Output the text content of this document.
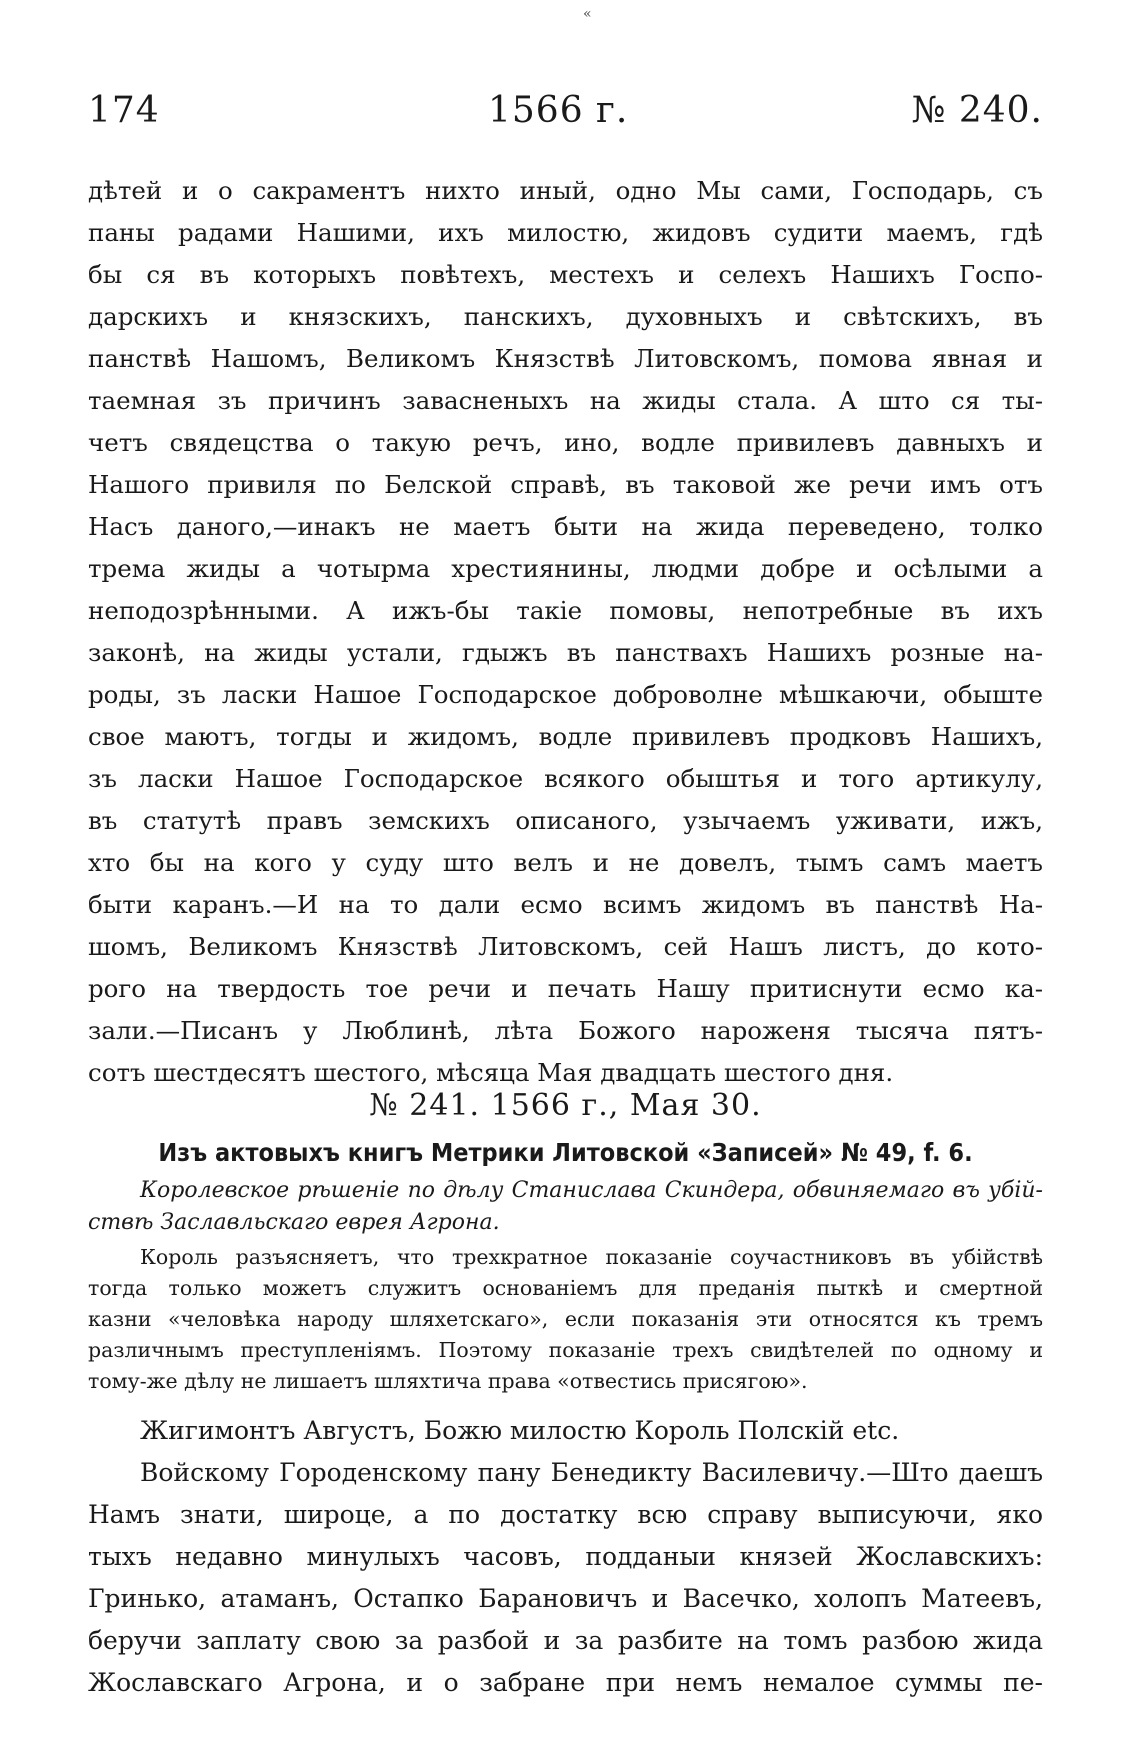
«
174	1566 г.	№ 240.
дѣтей и о сакраментъ нихто иный, одно Мы сами, Господарь, съ
паны радами Нашими, ихъ милостю, жидовъ судити маемъ, гдѣ
бы ся въ которыхъ повѣтехъ, местехъ и селехъ Нашихъ Госпо-
дарскихъ и князскихъ, панскихъ, духовныхъ и свѣтскихъ, въ
панствѣ Нашомъ, Великомъ Князствѣ Литовскомъ, помова явная и
таемная зъ причинъ завасненыхъ на жиды стала. А што ся ты-
четъ свядецства о такую речъ, ино, водле привилевъ давныхъ и
Нашого привиля по Белской справѣ, въ таковой же речи имъ отъ
Насъ даного,—инакъ не маетъ быти на жида переведено, толко
трема жиды а чотырма хрестиянины, людми добре и осѣлыми а
неподозрѣнными. А ижъ-бы такіе помовы, непотребные въ ихъ
законѣ, на жиды устали, гдыжъ въ панствахъ Нашихъ розные на-
роды, зъ ласки Нашое Господарское доброволне мѣшкаючи, обыште
свое маютъ, тогды и жидомъ, водле привилевъ продковъ Нашихъ,
зъ ласки Нашое Господарское всякого обыштья и того артикулу,
въ статутѣ правъ земскихъ описаного, узычаемъ уживати, ижъ,
хто бы на кого у суду што велъ и не довелъ, тымъ самъ маетъ
быти каранъ.—И на то дали есмо всимъ жидомъ въ панствѣ На-
шомъ, Великомъ Князствѣ Литовскомъ, сей Нашъ листъ, до кото-
рого на твердость тое речи и печать Нашу притиснути есмо ка-
зали.—Писанъ у Люблинѣ, лѣта Божого нароженя тысяча пятъ-
сотъ шестдесятъ шестого, мѣсяца Мая двадцать шестого дня.
№ 241. 1566 г., Мая 30.
Изъ актовыхъ книгъ Метрики Литовской «Записей» № 49, f. 6.
Королевское рѣшеніе по дѣлу Станислава Скиндера, обвиняемаго въ убій-
ствѣ Заславльскаго еврея Агрона.
Король разъясняетъ, что трехкратное показаніе соучастниковъ въ убійствѣ
тогда только можетъ служитъ основаніемъ для преданія пыткѣ и смертной
казни «человѣка народу шляхетскаго», если показанія эти относятся къ тремъ
различнымъ преступленіямъ. Поэтому показаніе трехъ свидѣтелей по одному и
тому-же дѣлу не лишаетъ шляхтича права «отвестись присягою».
Жигимонтъ Августъ, Божю милостю Король Полскій etc.
Войскому Городенскому пану Бенедикту Василевичу.—Што даешъ
Намъ знати, широце, а по достатку всю справу выписуючи, яко
тыхъ недавно минулыхъ часовъ, подданыи князей Жославскихъ:
Гринько, атаманъ, Остапко Барановичъ и Васечко, холопъ Матеевъ,
беручи заплату свою за разбой и за разбите на томъ разбою жида
Жославскаго Агрона, и о забране при немъ немалое суммы пе-
